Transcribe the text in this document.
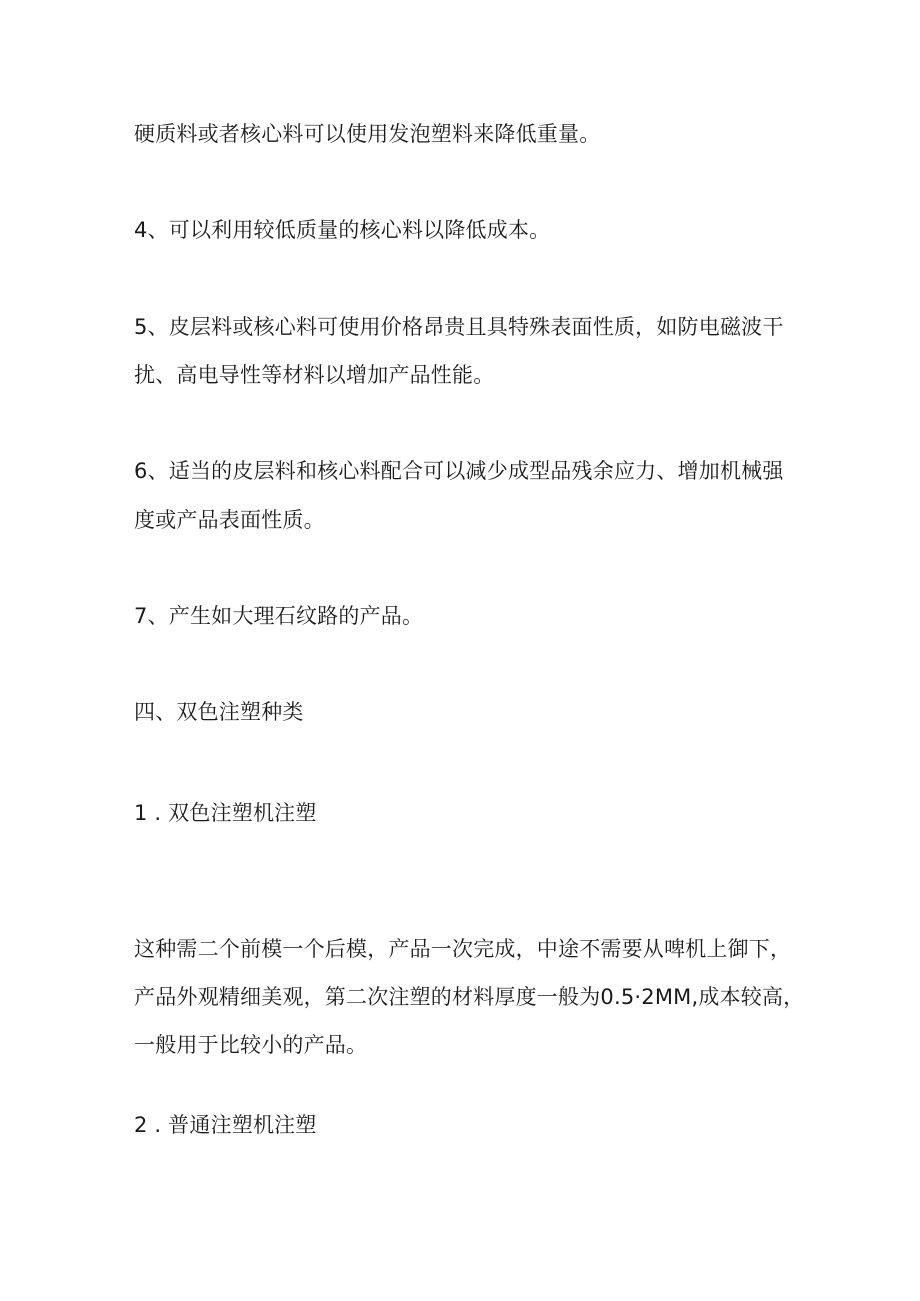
硬质料或者核心料可以使用发泡塑料来降低重量。
4、可以利用较低质量的核心料以降低成本。
5、皮层料或核心料可使用价格昂贵且具特殊表面性质，如防电磁波干
扰、高电导性等材料以增加产品性能。
6、适当的皮层料和核心料配合可以减少成型品残余应力、增加机械强
度或产品表面性质。
7、产生如大理石纹路的产品。
四、双色注塑种类
1 . 双色注塑机注塑
这种需二个前模一个后模，产品一次完成，中途不需要从啤机上御下，
产品外观精细美观，第二次注塑的材料厚度一般为0.5·2MM,成本较高，
一般用于比较小的产品。
2 . 普通注塑机注塑
